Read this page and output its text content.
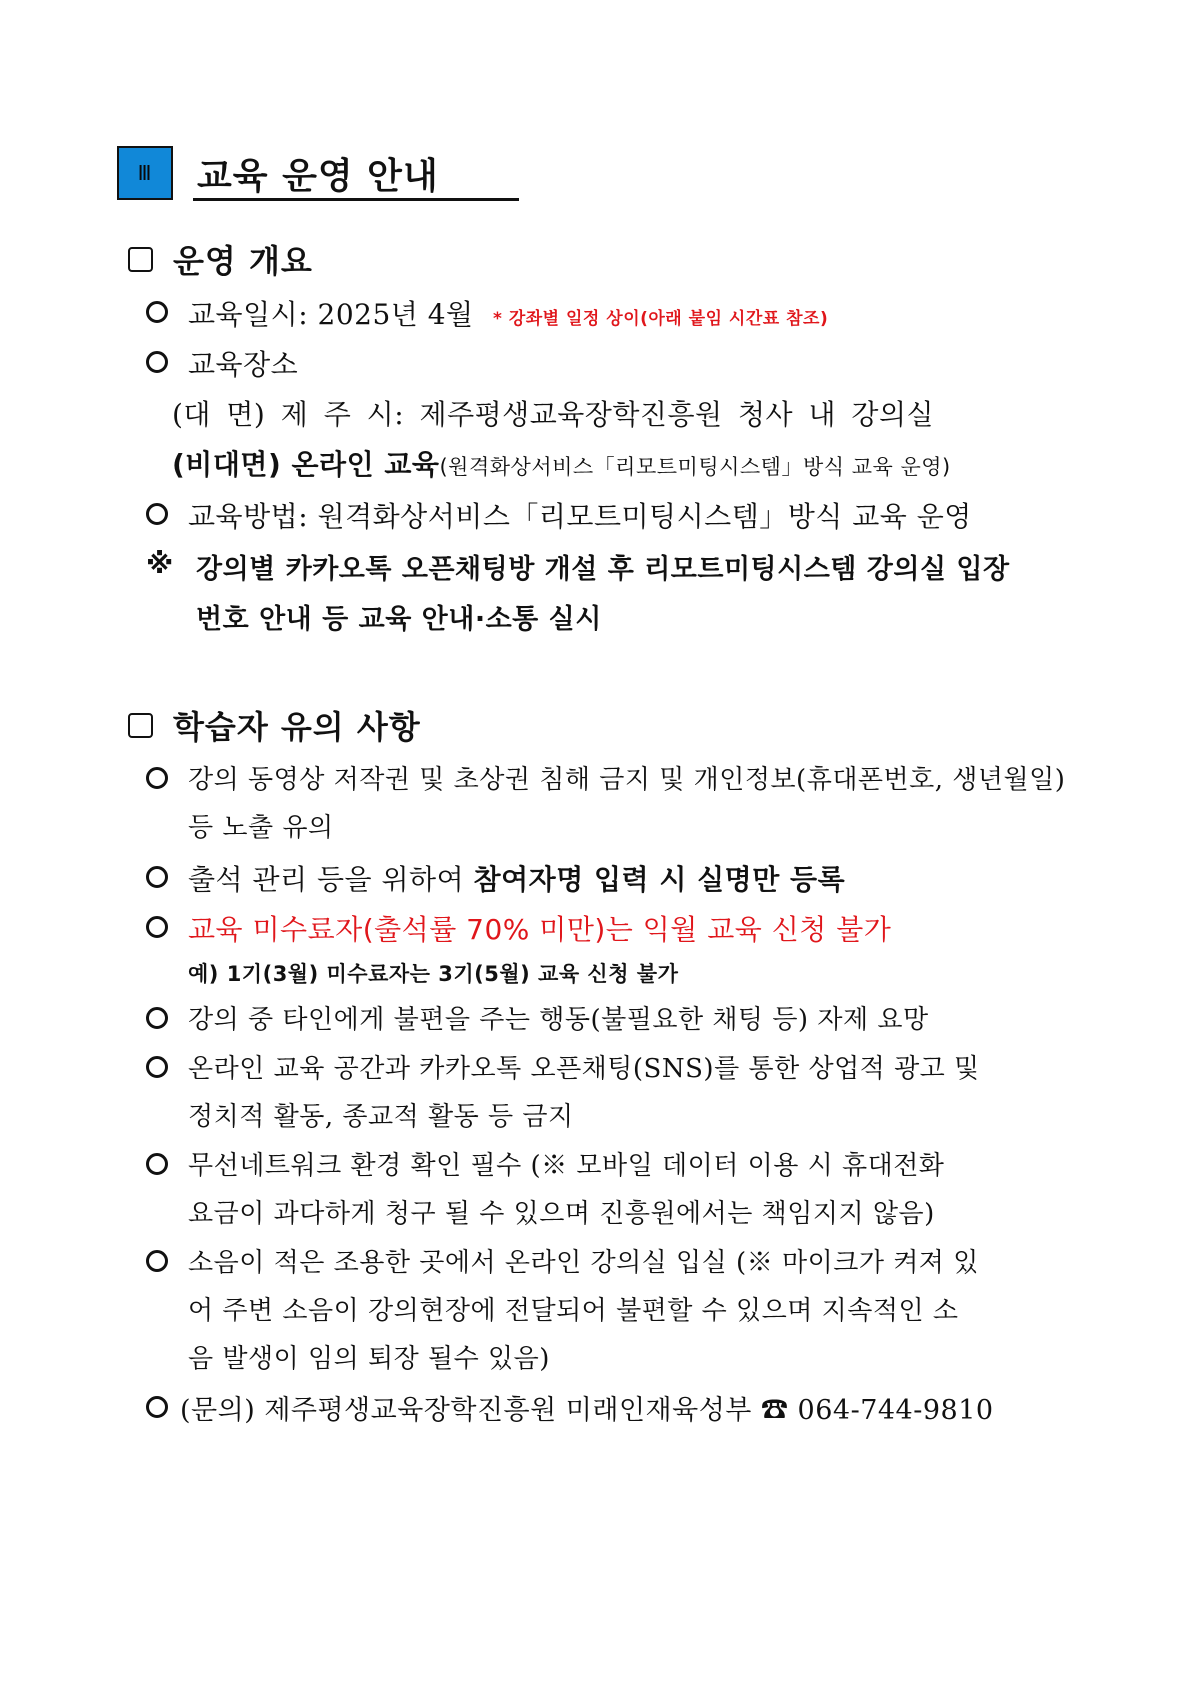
Ⅲ 교육 운영 안내
운영 개요
교육일시: 2025년 4월 * 강좌별 일정 상이(아래 붙임 시간표 참조)
교육장소
(대 면) 제 주 시: 제주평생교육장학진흥원 청사 내 강의실
(비대면) 온라인 교육(원격화상서비스「리모트미팅시스템」방식 교육 운영)
교육방법: 원격화상서비스「리모트미팅시스템」방식 교육 운영
※ 강의별 카카오톡 오픈채팅방 개설 후 리모트미팅시스템 강의실 입장
번호 안내 등 교육 안내·소통 실시
학습자 유의 사항
강의 동영상 저작권 및 초상권 침해 금지 및 개인정보(휴대폰번호, 생년월일)
등 노출 유의
출석 관리 등을 위하여 참여자명 입력 시 실명만 등록
교육 미수료자(출석률 70% 미만)는 익월 교육 신청 불가
예) 1기(3월) 미수료자는 3기(5월) 교육 신청 불가
강의 중 타인에게 불편을 주는 행동(불필요한 채팅 등) 자제 요망
온라인 교육 공간과 카카오톡 오픈채팅(SNS)를 통한 상업적 광고 및
정치적 활동, 종교적 활동 등 금지
무선네트워크 환경 확인 필수 (※ 모바일 데이터 이용 시 휴대전화
요금이 과다하게 청구 될 수 있으며 진흥원에서는 책임지지 않음)
소음이 적은 조용한 곳에서 온라인 강의실 입실 (※ 마이크가 켜져 있
어 주변 소음이 강의현장에 전달되어 불편할 수 있으며 지속적인 소
음 발생이 임의 퇴장 될수 있음)
(문의) 제주평생교육장학진흥원 미래인재육성부 ☎ 064-744-9810
